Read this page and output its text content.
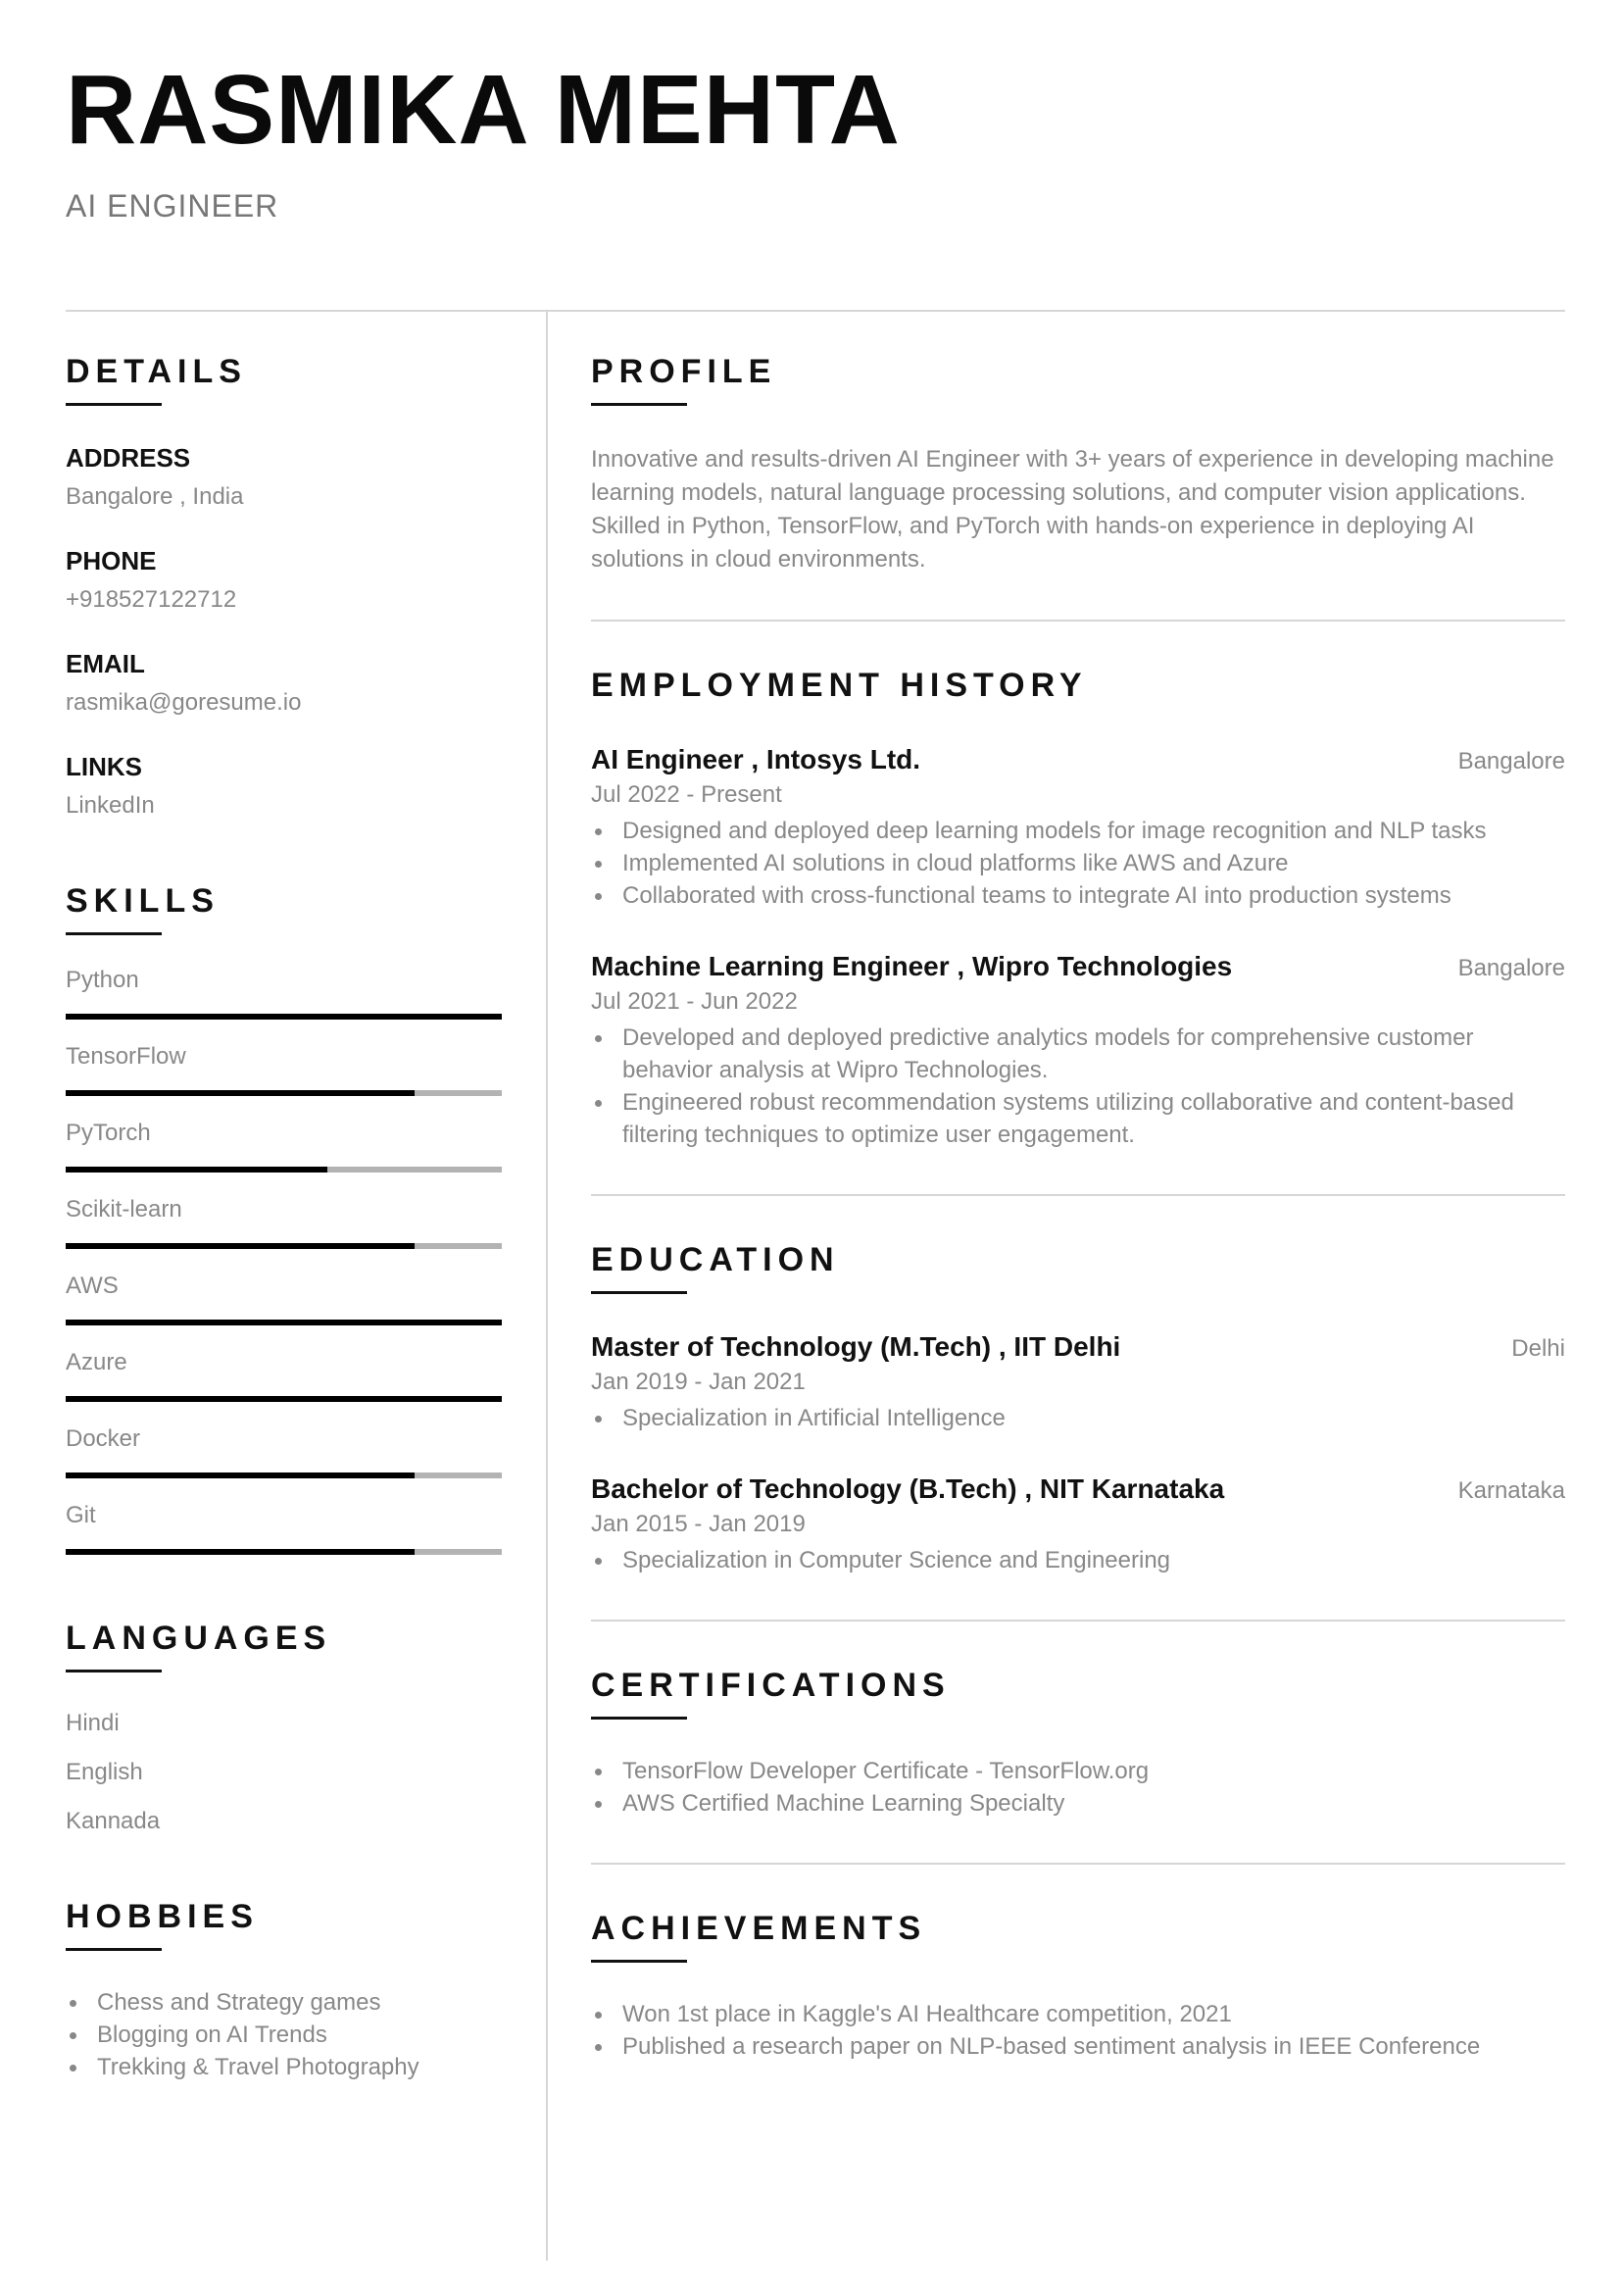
RASMIKA MEHTA
AI ENGINEER
DETAILS
ADDRESS
Bangalore , India
PHONE
+918527122712
EMAIL
rasmika@goresume.io
LINKS
LinkedIn
SKILLS
Python
TensorFlow
PyTorch
Scikit-learn
AWS
Azure
Docker
Git
LANGUAGES
Hindi
English
Kannada
HOBBIES
Chess and Strategy games
Blogging on AI Trends
Trekking & Travel Photography
PROFILE
Innovative and results-driven AI Engineer with 3+ years of experience in developing machine learning models, natural language processing solutions, and computer vision applications. Skilled in Python, TensorFlow, and PyTorch with hands-on experience in deploying AI solutions in cloud environments.
EMPLOYMENT HISTORY
AI Engineer , Intosys Ltd.	Bangalore
Jul 2022 - Present
Designed and deployed deep learning models for image recognition and NLP tasks
Implemented AI solutions in cloud platforms like AWS and Azure
Collaborated with cross-functional teams to integrate AI into production systems
Machine Learning Engineer , Wipro Technologies	Bangalore
Jul 2021 - Jun 2022
Developed and deployed predictive analytics models for comprehensive customer behavior analysis at Wipro Technologies.
Engineered robust recommendation systems utilizing collaborative and content-based filtering techniques to optimize user engagement.
EDUCATION
Master of Technology (M.Tech) , IIT Delhi	Delhi
Jan 2019 - Jan 2021
Specialization in Artificial Intelligence
Bachelor of Technology (B.Tech) , NIT Karnataka	Karnataka
Jan 2015 - Jan 2019
Specialization in Computer Science and Engineering
CERTIFICATIONS
TensorFlow Developer Certificate - TensorFlow.org
AWS Certified Machine Learning Specialty
ACHIEVEMENTS
Won 1st place in Kaggle's AI Healthcare competition, 2021
Published a research paper on NLP-based sentiment analysis in IEEE Conference
